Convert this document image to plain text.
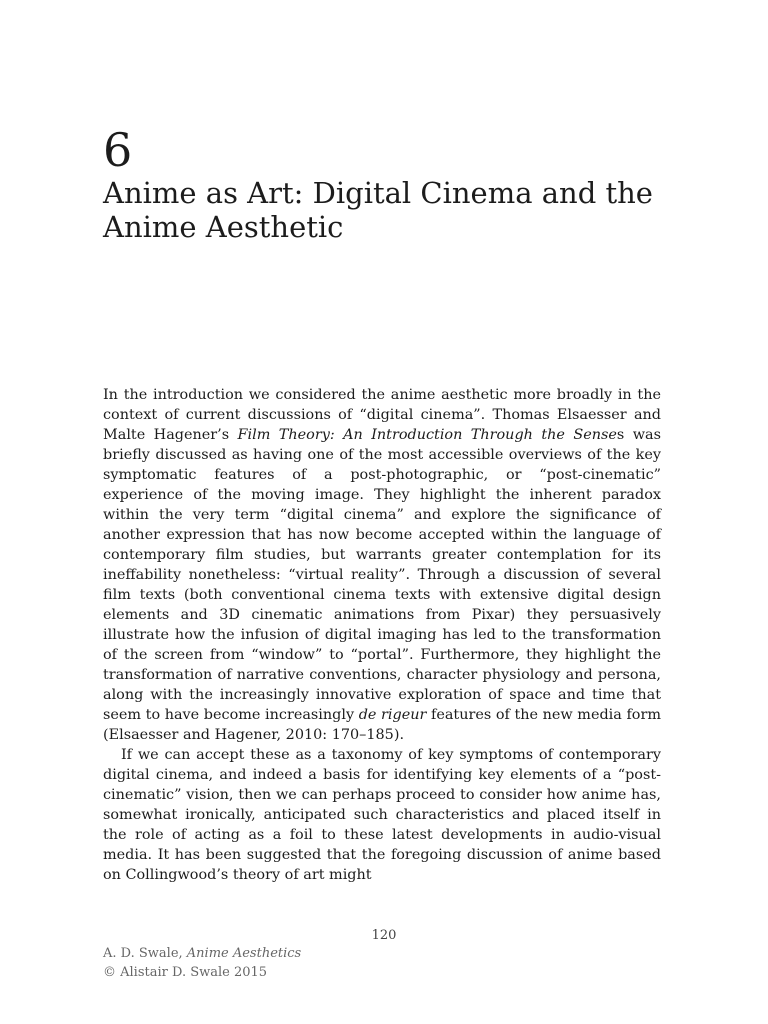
6
Anime as Art: Digital Cinema and the Anime Aesthetic

In the introduction we considered the anime aesthetic more broadly in the context of current discussions of “digital cinema”. Thomas Elsaesser and Malte Hagener’s Film Theory: An Introduction Through the Senses was briefly discussed as having one of the most accessible overviews of the key symptomatic features of a post-photographic, or “post-cinematic” experience of the moving image. They highlight the inherent paradox within the very term “digital cinema” and explore the significance of another expression that has now become accepted within the language of contemporary film studies, but warrants greater contemplation for its ineffability nonetheless: “virtual reality”. Through a discussion of several film texts (both conventional cinema texts with extensive digital design elements and 3D cinematic animations from Pixar) they persuasively illustrate how the infusion of digital imaging has led to the transformation of the screen from “window” to “portal”. Furthermore, they highlight the transformation of narrative conventions, character physiology and persona, along with the increasingly innovative exploration of space and time that seem to have become increasingly de rigeur features of the new media form (Elsaesser and Hagener, 2010: 170–185).

If we can accept these as a taxonomy of key symptoms of contemporary digital cinema, and indeed a basis for identifying key elements of a “post-cinematic” vision, then we can perhaps proceed to consider how anime has, somewhat ironically, anticipated such characteristics and placed itself in the role of acting as a foil to these latest developments in audio-visual media. It has been suggested that the foregoing discussion of anime based on Collingwood’s theory of art might

120
A. D. Swale, Anime Aesthetics
© Alistair D. Swale 2015
